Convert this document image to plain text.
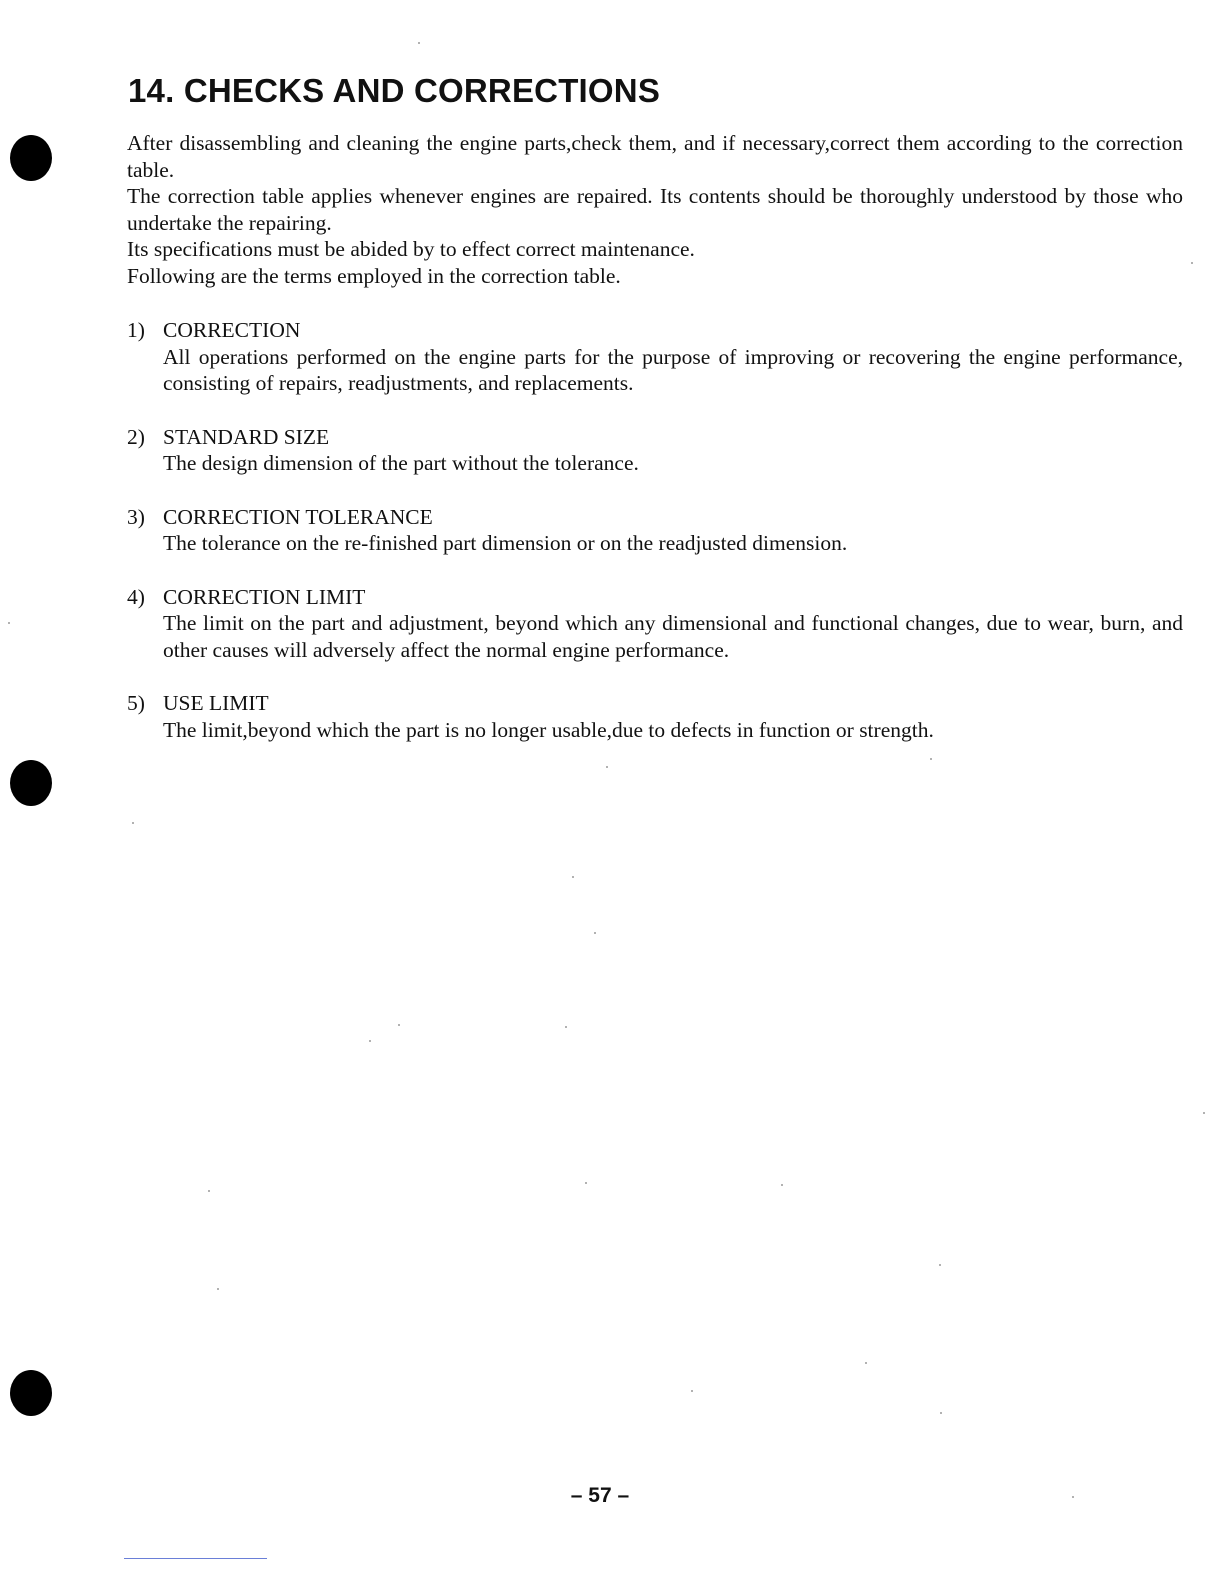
14. CHECKS AND CORRECTIONS

After disassembling and cleaning the engine parts,check them, and if necessary,correct them according to the correction table.

The correction table applies whenever engines are repaired. Its contents should be thoroughly understood by those who undertake the repairing.

Its specifications must be abided by to effect correct maintenance.

Following are the terms employed in the correction table.

1) CORRECTION
All operations performed on the engine parts for the purpose of improving or recovering the engine performance, consisting of repairs, readjustments, and replacements.
2) STANDARD SIZE
The design dimension of the part without the tolerance.
3) CORRECTION TOLERANCE
The tolerance on the re-finished part dimension or on the readjusted dimension.
4) CORRECTION LIMIT
The limit on the part and adjustment, beyond which any dimensional and functional changes, due to wear, burn, and other causes will adversely affect the normal engine performance.
5) USE LIMIT
The limit,beyond which the part is no longer usable,due to defects in function or strength.
– 57 –
